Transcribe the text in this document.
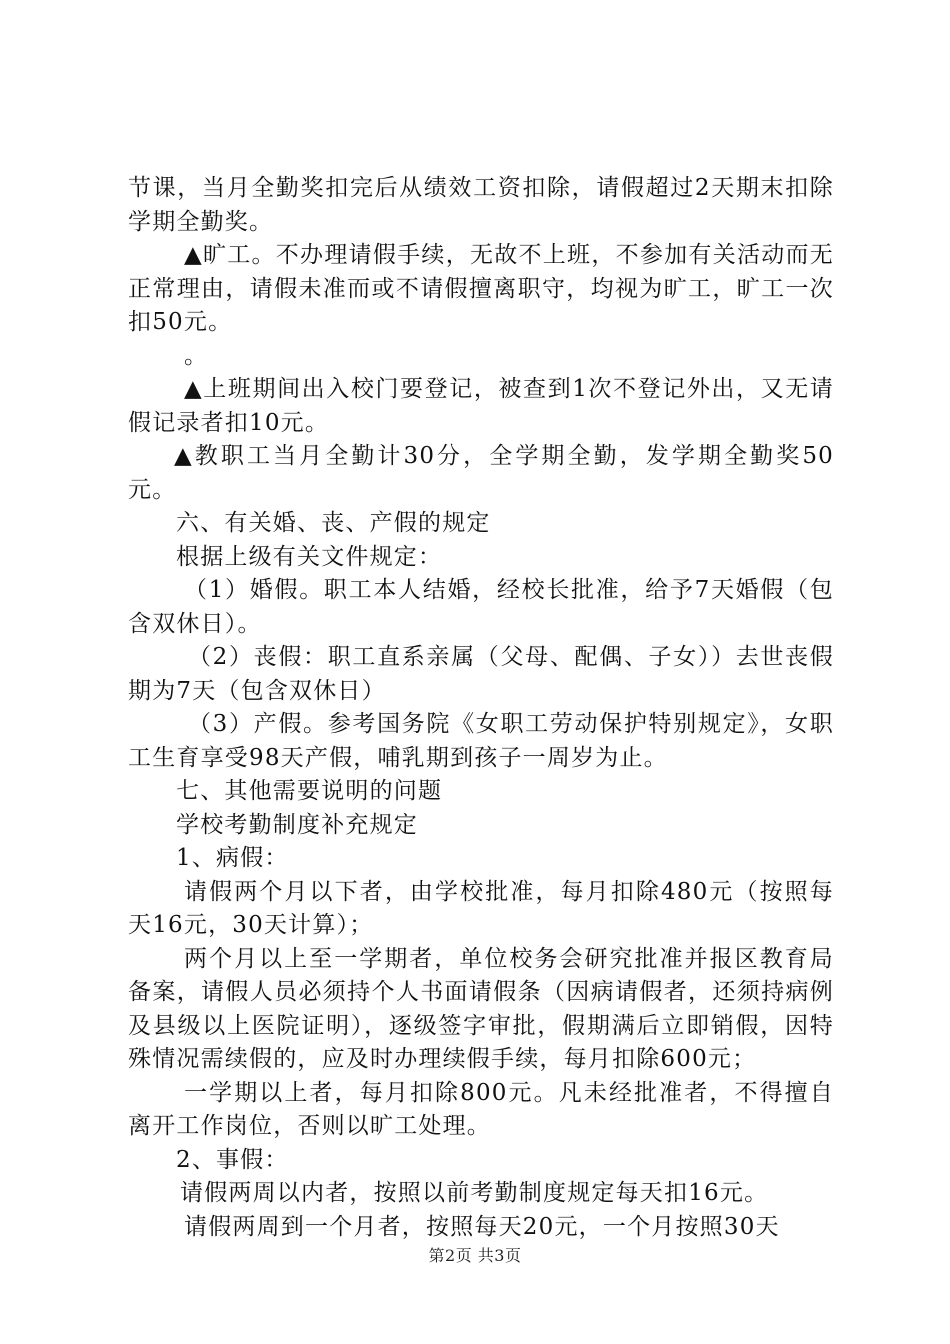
节课，当月全勤奖扣完后从绩效工资扣除，请假超过2天期末扣除学期全勤奖。

▲旷工。不办理请假手续，无故不上班，不参加有关活动而无正常理由，请假未准而或不请假擅离职守，均视为旷工，旷工一次扣50元。

。

▲上班期间出入校门要登记，被查到1次不登记外出，又无请假记录者扣10元。

▲教职工当月全勤计30分，全学期全勤，发学期全勤奖50元。

六、有关婚、丧、产假的规定

根据上级有关文件规定：

（1）婚假。职工本人结婚，经校长批准，给予7天婚假（包含双休日）。

（2）丧假：职工直系亲属（父母、配偶、子女））去世丧假期为7天（包含双休日）

（3）产假。参考国务院《女职工劳动保护特别规定》，女职工生育享受98天产假，哺乳期到孩子一周岁为止。

七、其他需要说明的问题

学校考勤制度补充规定

1、病假：

请假两个月以下者，由学校批准，每月扣除480元（按照每天16元，30天计算）；

两个月以上至一学期者，单位校务会研究批准并报区教育局备案，请假人员必须持个人书面请假条（因病请假者，还须持病例及县级以上医院证明），逐级签字审批，假期满后立即销假，因特殊情况需续假的，应及时办理续假手续，每月扣除600元；

一学期以上者，每月扣除800元。凡未经批准者，不得擅自离开工作岗位，否则以旷工处理。

2、事假：

请假两周以内者，按照以前考勤制度规定每天扣16元。

请假两周到一个月者，按照每天20元，一个月按照30天

第2页 共3页
